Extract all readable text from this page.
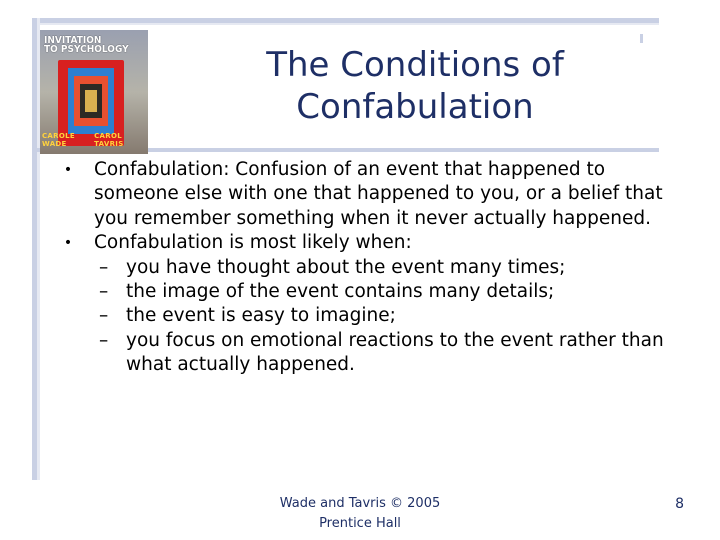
INVITATION
TO PSYCHOLOGY
CAROLE WADE
CAROL TAVRIS
The Conditions of
Confabulation

•	Confabulation: Confusion of an event that happened to someone else with one that happened to you, or a belief that you remember something when it never actually happened.

•	Confabulation is most likely when:

– you have thought about the event many times;

– the image of the event contains many details;

– the event is easy to imagine;

– you focus on emotional reactions to the event rather than what actually happened.

Wade and Tavris © 2005
Prentice Hall
8
